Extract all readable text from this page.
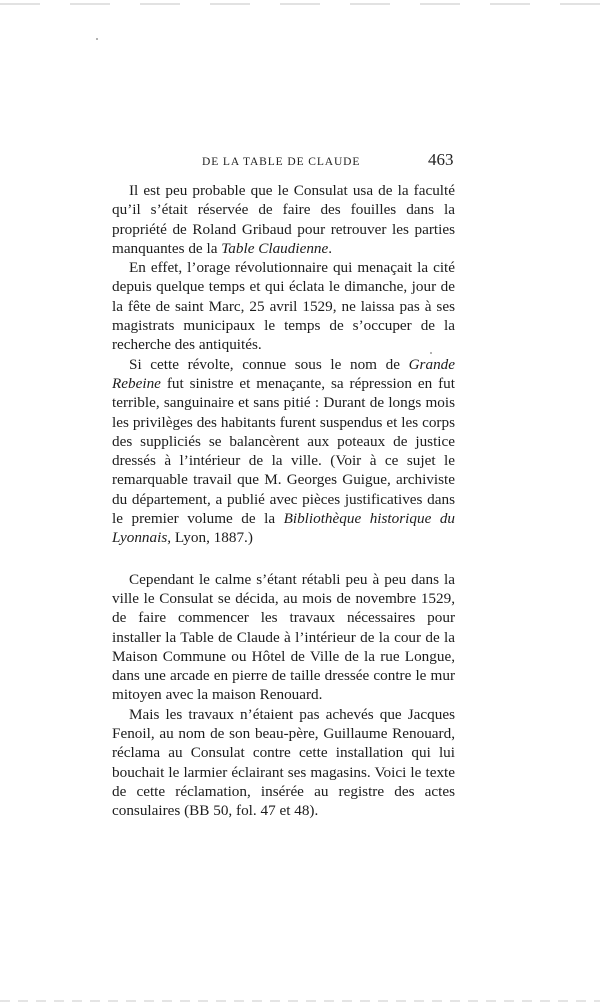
DE LA TABLE DE CLAUDE	463

Il est peu probable que le Consulat usa de la faculté qu’il s’était réservée de faire des fouilles dans la propriété de Roland Gribaud pour retrouver les parties manquantes de la Table Claudienne.

En effet, l’orage révolutionnaire qui menaçait la cité depuis quelque temps et qui éclata le dimanche, jour de la fête de saint Marc, 25 avril 1529, ne laissa pas à ses magistrats municipaux le temps de s’occuper de la recherche des antiquités.

Si cette révolte, connue sous le nom de Grande Rebeine fut sinistre et menaçante, sa répression en fut terrible, sanguinaire et sans pitié : Durant de longs mois les privilèges des habitants furent suspendus et les corps des suppliciés se balancèrent aux poteaux de justice dressés à l’intérieur de la ville. (Voir à ce sujet le remarquable travail que M. Georges Guigue, archiviste du département, a publié avec pièces justificatives dans le premier volume de la Bibliothèque historique du Lyonnais, Lyon, 1887.)

Cependant le calme s’étant rétabli peu à peu dans la ville le Consulat se décida, au mois de novembre 1529, de faire commencer les travaux nécessaires pour installer la Table de Claude à l’intérieur de la cour de la Maison Commune ou Hôtel de Ville de la rue Longue, dans une arcade en pierre de taille dressée contre le mur mitoyen avec la maison Renouard.

Mais les travaux n’étaient pas achevés que Jacques Fenoil, au nom de son beau-père, Guillaume Renouard, réclama au Consulat contre cette installation qui lui bouchait le larmier éclairant ses magasins. Voici le texte de cette réclamation, insérée au registre des actes consulaires (BB 50, fol. 47 et 48).
